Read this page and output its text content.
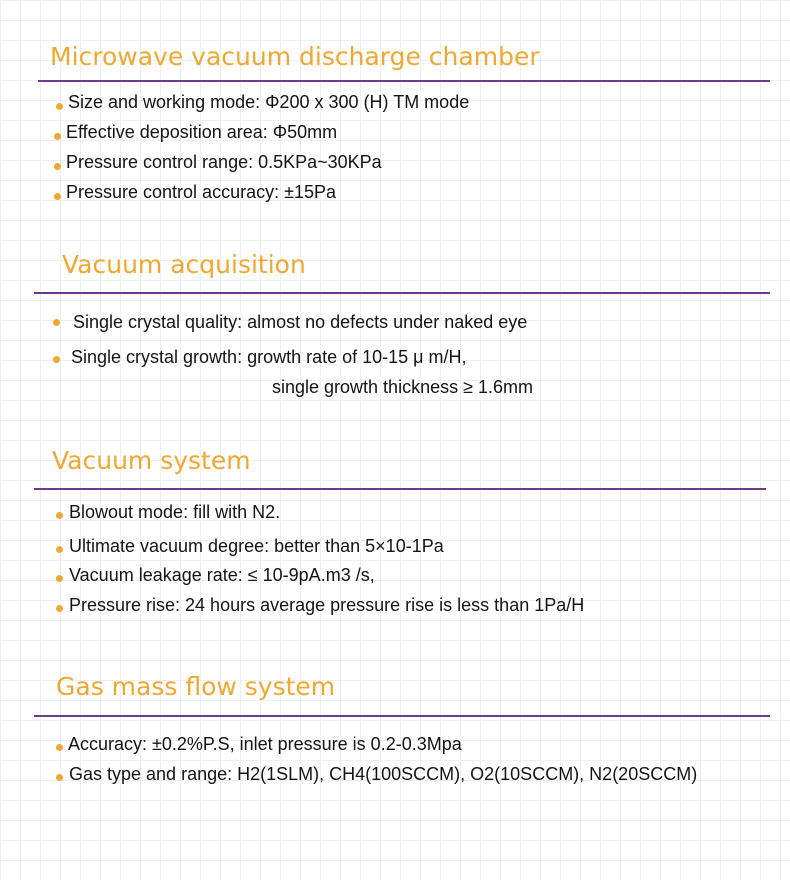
Microwave vacuum discharge chamber
Size and working mode: Φ200 x 300 (H) TM mode
Effective deposition area: Φ50mm
Pressure control range: 0.5KPa~30KPa
Pressure control accuracy: ±15Pa
Vacuum acquisition
Single crystal quality: almost no defects under naked eye
Single crystal growth: growth rate of 10-15 μ m/H,
single growth thickness ≥ 1.6mm
Vacuum system
Blowout mode: fill with N2.
Ultimate vacuum degree: better than 5×10-1Pa
Vacuum leakage rate: ≤ 10-9pA.m3 /s,
Pressure rise: 24 hours average pressure rise is less than 1Pa/H
Gas mass flow system
Accuracy: ±0.2%P.S, inlet pressure is 0.2-0.3Mpa
Gas type and range: H2(1SLM), CH4(100SCCM), O2(10SCCM), N2(20SCCM)
